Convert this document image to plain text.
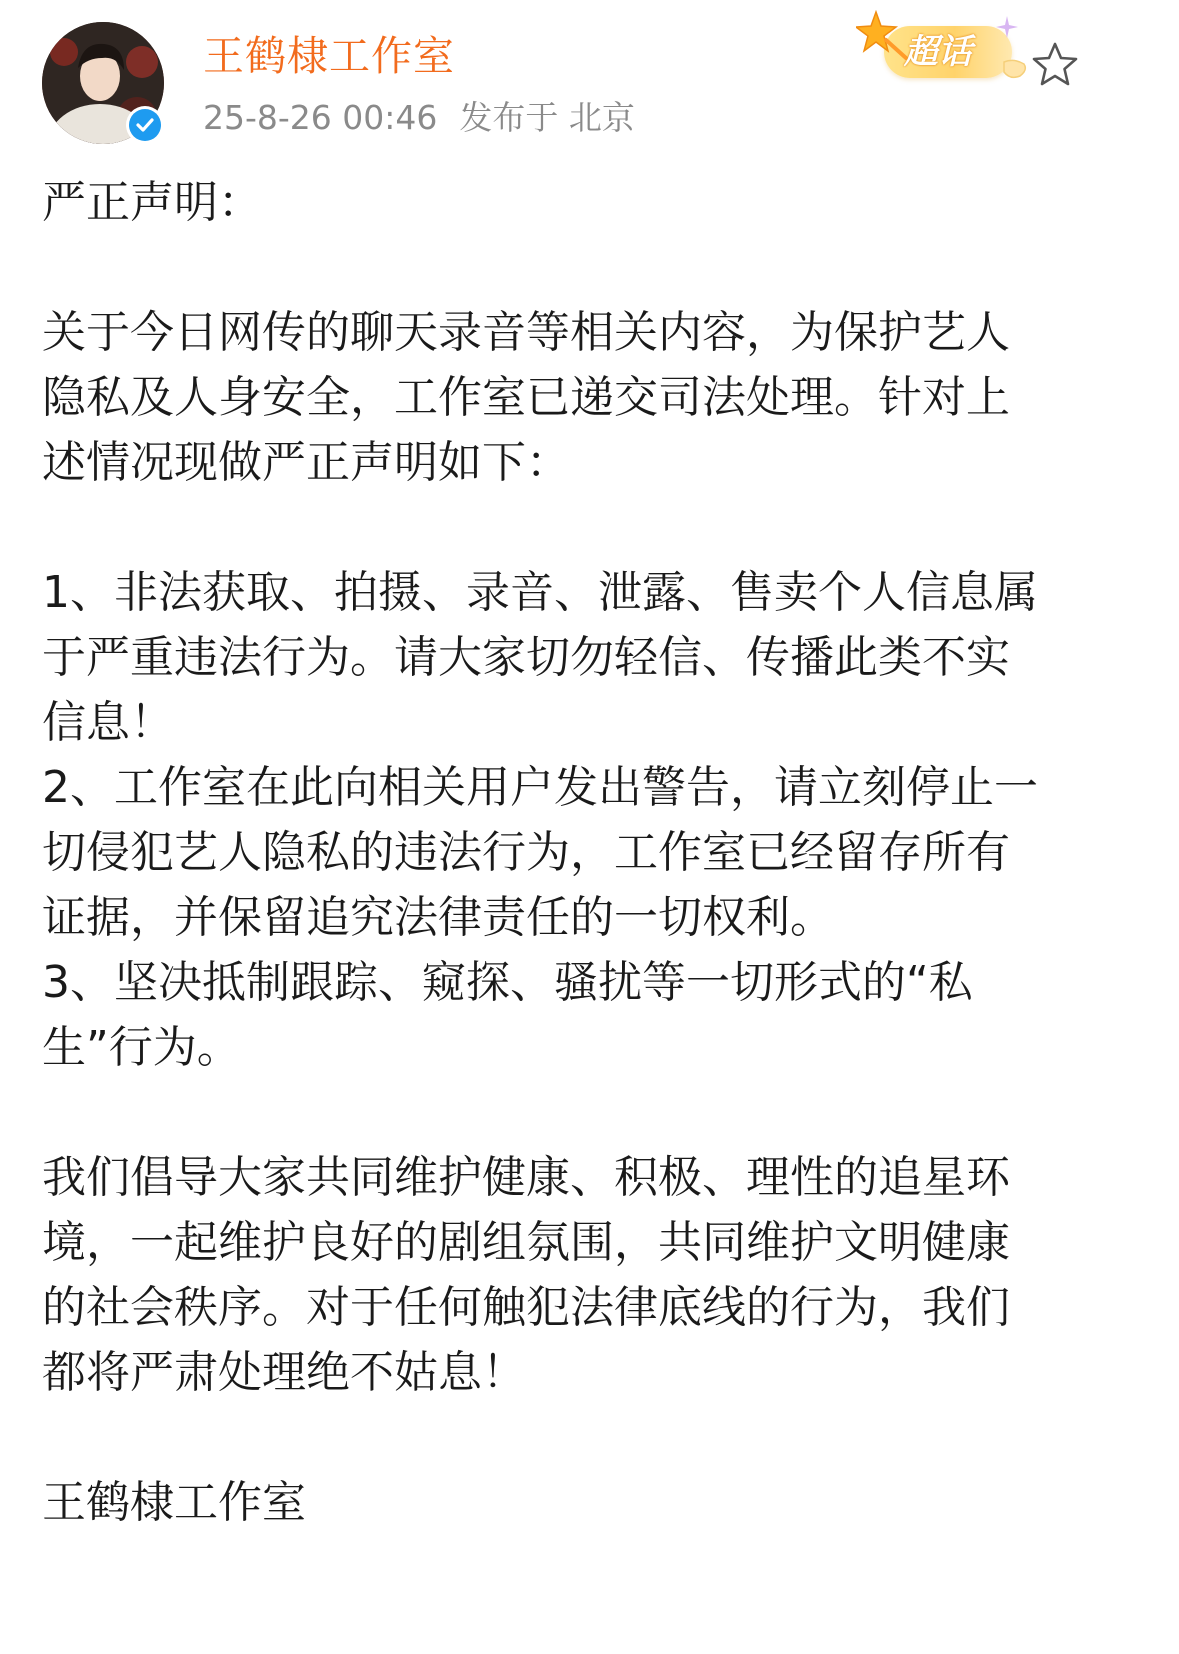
王鹤棣工作室
25-8-26 00:46 发布于 北京
超话

严正声明：

关于今日网传的聊天录音等相关内容，为保护艺人
隐私及人身安全，工作室已递交司法处理。针对上
述情况现做严正声明如下：

1、非法获取、拍摄、录音、泄露、售卖个人信息属
于严重违法行为。请大家切勿轻信、传播此类不实
信息！
2、工作室在此向相关用户发出警告，请立刻停止一
切侵犯艺人隐私的违法行为，工作室已经留存所有
证据，并保留追究法律责任的一切权利。
3、坚决抵制跟踪、窥探、骚扰等一切形式的“私
生”行为。

我们倡导大家共同维护健康、积极、理性的追星环
境，一起维护良好的剧组氛围，共同维护文明健康
的社会秩序。对于任何触犯法律底线的行为，我们
都将严肃处理绝不姑息！

王鹤棣工作室
